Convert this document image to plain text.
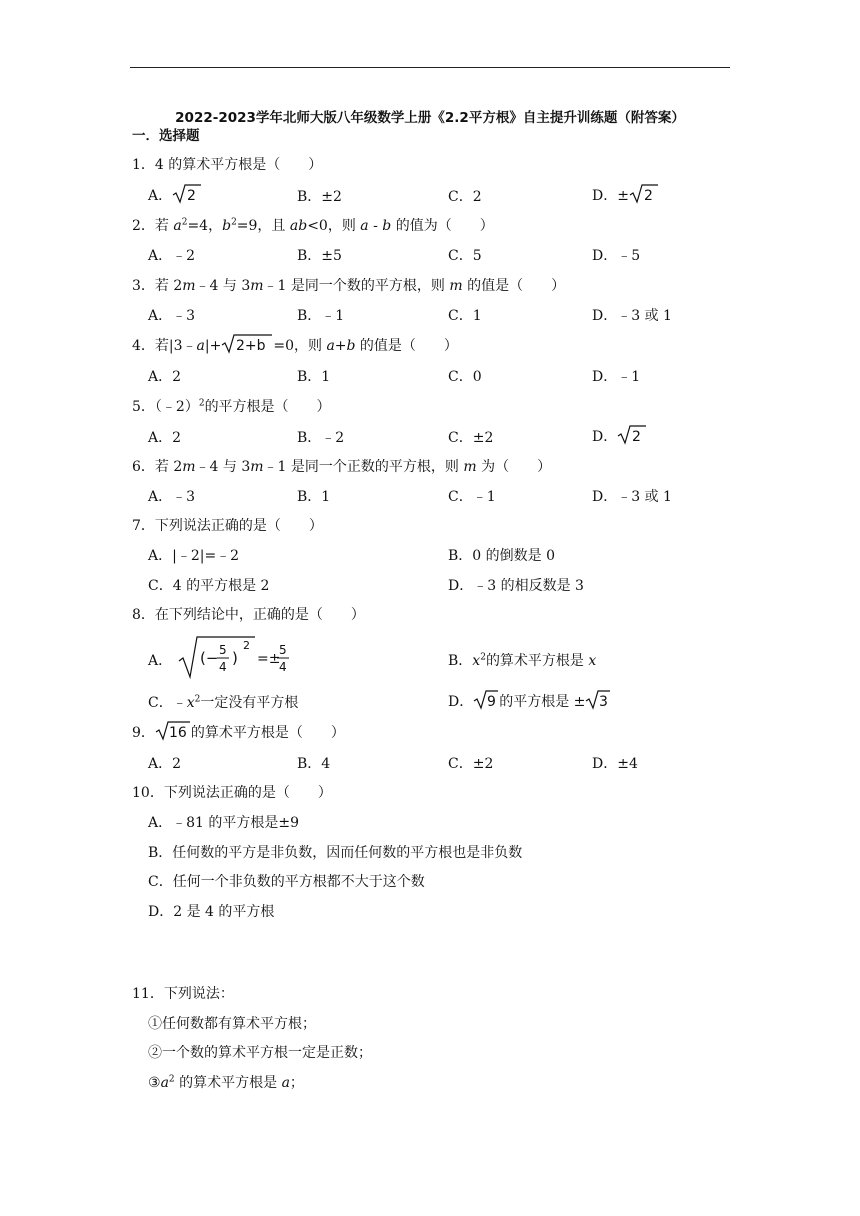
2022-2023学年北师大版八年级数学上册《2.2平方根》自主提升训练题（附答案）
一．选择题
1．4 的算术平方根是（　　）
A． 2	B．±2	C．2	D．± 2
2．若 $a^2=4$，$b^2=9$，且 ab<0，则 a - b 的值为（　　）
A．﹣2	B．±5	C．5	D．﹣5
3．若 2m﹣4 与 3m﹣1 是同一个数的平方根，则 m 的值是（　　）
A．﹣3	B．﹣1	C．1	D．﹣3 或 1
4．若|3﹣a|+ 2+b =0，则 a+b 的值是（　　）
A．2	B．1	C．0	D．﹣1
5．（﹣2）$^2$的平方根是（　　）
A．2	B．﹣2	C．±2	D． 2
6．若 2m﹣4 与 3m﹣1 是同一个正数的平方根，则 m 为（　　）
A．﹣3	B．1	C．﹣1	D．﹣3 或 1
7．下列说法正确的是（　　）
A．|﹣2|=﹣2	B．0 的倒数是 0
C．4 的平方根是 2	D．﹣3 的相反数是 3
8．在下列结论中，正确的是（　　）
A． (− 5
4 )
2
=±
5
4	B．$x^2$的算术平方根是 x
C．$﹣x^2$一定没有平方根	D． 9 的平方根是 ± 3
9． 16 的算术平方根是（　　）
A．2	B．4	C．±2	D．±4
10．下列说法正确的是（　　）
A．﹣81 的平方根是±9
B．任何数的平方是非负数，因而任何数的平方根也是非负数
C．任何一个非负数的平方根都不大于这个数
D．2 是 4 的平方根
11．下列说法：
①任何数都有算术平方根；
②一个数的算术平方根一定是正数；
$③a^2$ 的算术平方根是 a；
